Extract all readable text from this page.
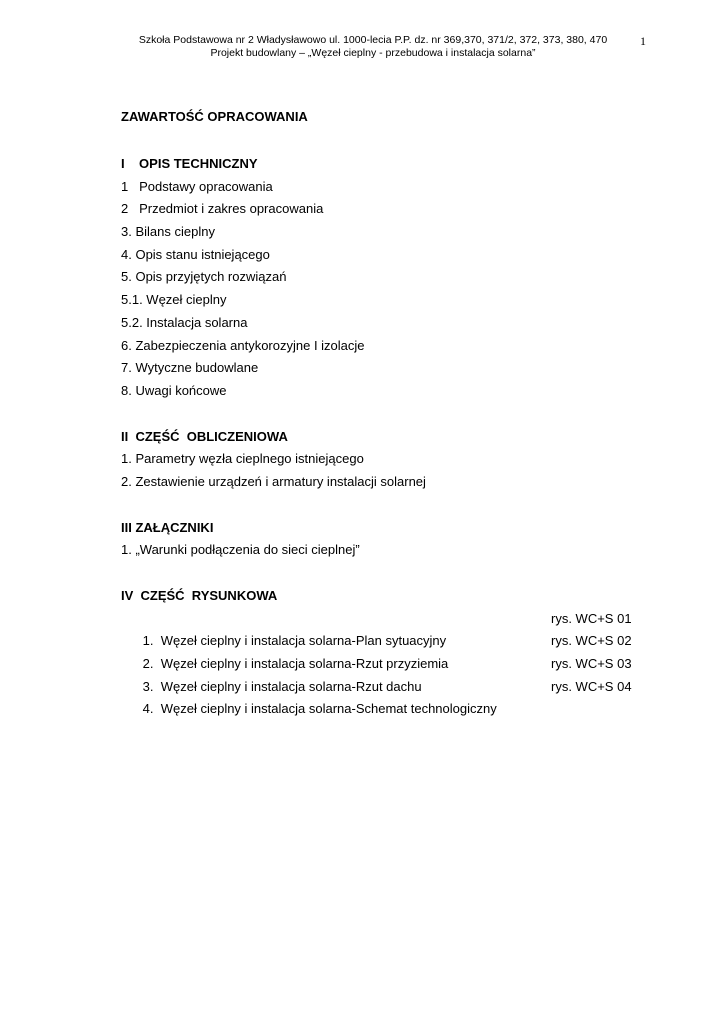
Szkoła Podstawowa nr 2 Władysławowo ul. 1000-lecia P.P. dz. nr 369,370, 371/2, 372, 373, 380, 470
Projekt budowlany – „Węzeł cieplny - przebudowa i instalacja solarna”
1
ZAWARTOŚĆ OPRACOWANIA
I    OPIS TECHNICZNY
1   Podstawy opracowania
2   Przedmiot i zakres opracowania
3. Bilans cieplny
4. Opis stanu istniejącego
5. Opis przyjętych rozwiązań
5.1. Węzeł cieplny
5.2. Instalacja solarna
6. Zabezpieczenia antykorozyjne I izolacje
7. Wytyczne budowlane
8. Uwagi końcowe
II  CZĘŚĆ  OBLICZENIOWA
1. Parametry węzła cieplnego istniejącego
2. Zestawienie urządzeń i armatury instalacji solarnej
III ZAŁĄCZNIKI
1. „Warunki podłączenia do sieci cieplnej”
IV  CZĘŚĆ  RYSUNKOWA

1.  Węzeł cieplny i instalacja solarna-Plan sytuacyjny

rys. WC+S 01

2.  Węzeł cieplny i instalacja solarna-Rzut przyziemia

rys. WC+S 02

3.  Węzeł cieplny i instalacja solarna-Rzut dachu

rys. WC+S 03

4.  Węzeł cieplny i instalacja solarna-Schemat technologiczny

rys. WC+S 04
